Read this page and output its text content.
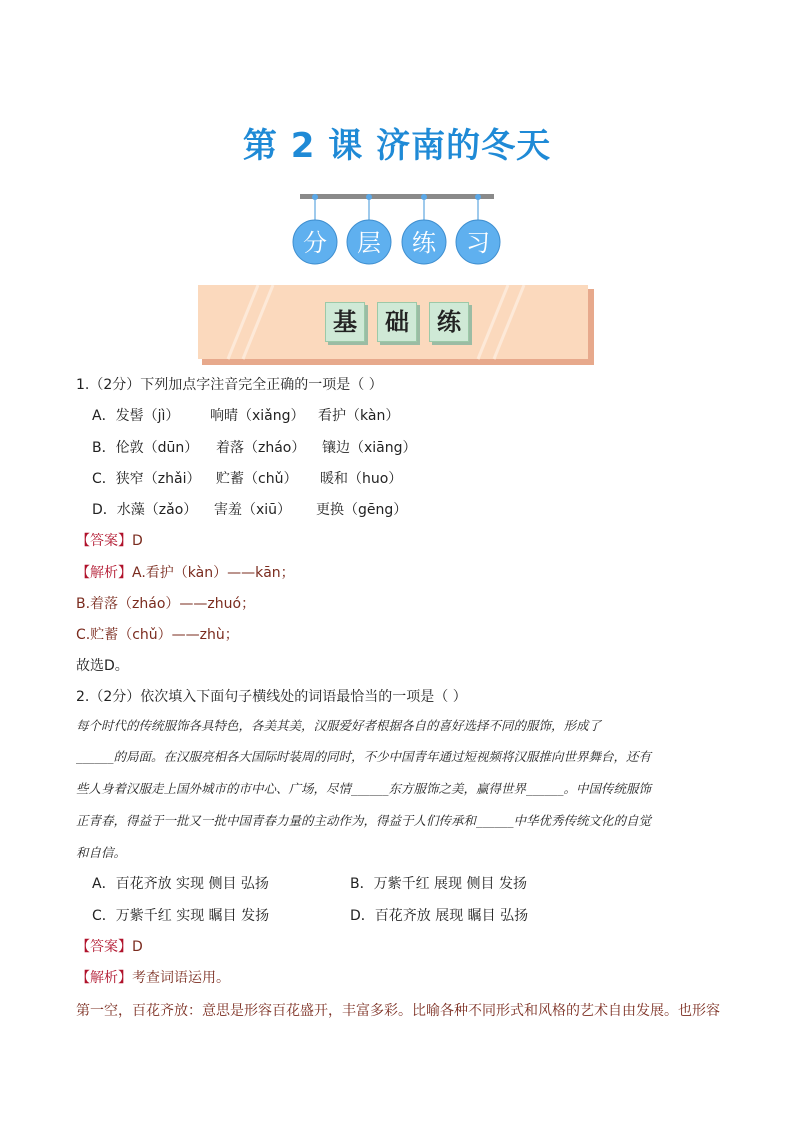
第 2 课 济南的冬天
分 层 练 习
基 础 练
1.（2分）下列加点字注音完全正确的一项是（ ）
A．发髻（jì） 响晴（xiǎng） 看护（kàn）
B．伦敦（dūn） 着落（zháo） 镶边（xiāng）
C．狭窄（zhǎi） 贮蓄（chǔ） 暖和（huo）
D．水藻（zǎo） 害羞（xiū） 更换（gēng）
【答案】D
【解析】A.看护（kàn）——kān；
B.着落（zháo）——zhuó；
C.贮蓄（chǔ）——zhù；
故选D。
2.（2分）依次填入下面句子横线处的词语最恰当的一项是（ ）
每个时代的传统服饰各具特色，各美其美，汉服爱好者根据各自的喜好选择不同的服饰，形成了
______的局面。在汉服亮相各大国际时装周的同时，不少中国青年通过短视频将汉服推向世界舞台，还有
些人身着汉服走上国外城市的市中心、广场，尽情______东方服饰之美，赢得世界______。中国传统服饰
正青春，得益于一批又一批中国青春力量的主动作为，得益于人们传承和______中华优秀传统文化的自觉
和自信。
A．百花齐放 实现 侧目 弘扬	B．万紫千红 展现 侧目 发扬
C．万紫千红 实现 瞩目 发扬	D．百花齐放 展现 瞩目 弘扬
【答案】D
【解析】考查词语运用。
第一空，百花齐放：意思是形容百花盛开，丰富多彩。比喻各种不同形式和风格的艺术自由发展。也形容
